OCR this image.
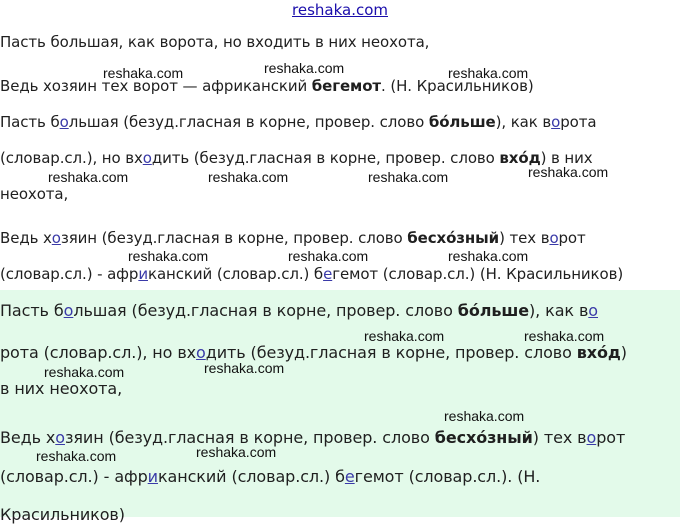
reshaka.com
Пасть большая, как ворота, но входить в них неохота,
Ведь хозяин тех ворот — африканский бегемот. (Н. Красильников)
Пасть большая (безуд.гласная в корне, провер. слово бóльше), как ворота
(словар.сл.), но входить (безуд.гласная в корне, провер. слово вхóд) в них
неохота,
Ведь хозяин (безуд.гласная в корне, провер. слово бесхóзный) тех ворот
(словар.сл.) - африканский (словар.сл.) бегемот (словар.сл.) (Н. Красильников)
Пасть большая (безуд.гласная в корне, провер. слово бóльше), как во
рота (словар.сл.), но входить (безуд.гласная в корне, провер. слово вхóд)
в них неохота,
Ведь хозяин (безуд.гласная в корне, провер. слово бесхóзный) тех ворот
(словар.сл.) - африканский (словар.сл.) бегемот (словар.сл.). (Н.
Красильников)
reshaka.com
reshaka.com	reshaka.com
reshaka.com	reshaka.com	reshaka.com	reshaka.com
reshaka.com	reshaka.com	reshaka.com
reshaka.com	reshaka.com
reshaka.com	reshaka.com
reshaka.com
reshaka.com	reshaka.com
